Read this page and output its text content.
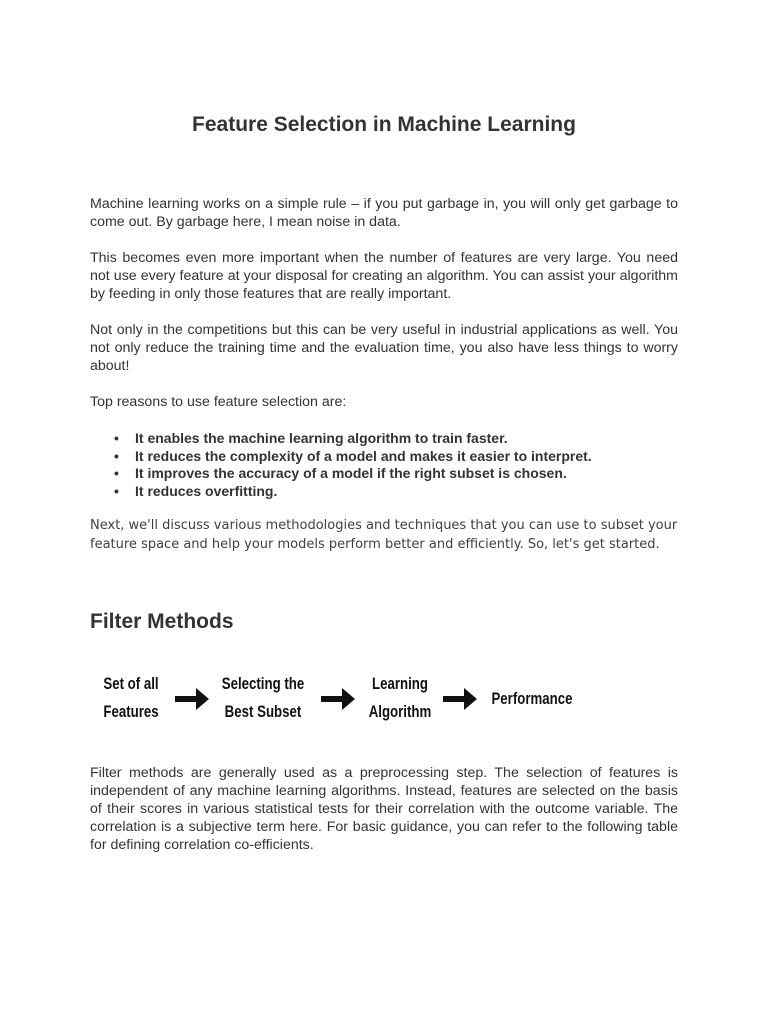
Feature Selection in Machine Learning

Machine learning works on a simple rule – if you put garbage in, you will only get garbage to come out. By garbage here, I mean noise in data.

This becomes even more important when the number of features are very large. You need not use every feature at your disposal for creating an algorithm. You can assist your algorithm by feeding in only those features that are really important.

Not only in the competitions but this can be very useful in industrial applications as well. You not only reduce the training time and the evaluation time, you also have less things to worry about!

Top reasons to use feature selection are:

• It enables the machine learning algorithm to train faster.
• It reduces the complexity of a model and makes it easier to interpret.
• It improves the accuracy of a model if the right subset is chosen.
• It reduces overfitting.

Next, we'll discuss various methodologies and techniques that you can use to subset your feature space and help your models perform better and efficiently. So, let's get started.

Filter Methods
Set of all
Features
Selecting the
Best Subset
Learning
Algorithm
Performance

Filter methods are generally used as a preprocessing step. The selection of features is independent of any machine learning algorithms. Instead, features are selected on the basis of their scores in various statistical tests for their correlation with the outcome variable. The correlation is a subjective term here. For basic guidance, you can refer to the following table for defining correlation co-efficients.
